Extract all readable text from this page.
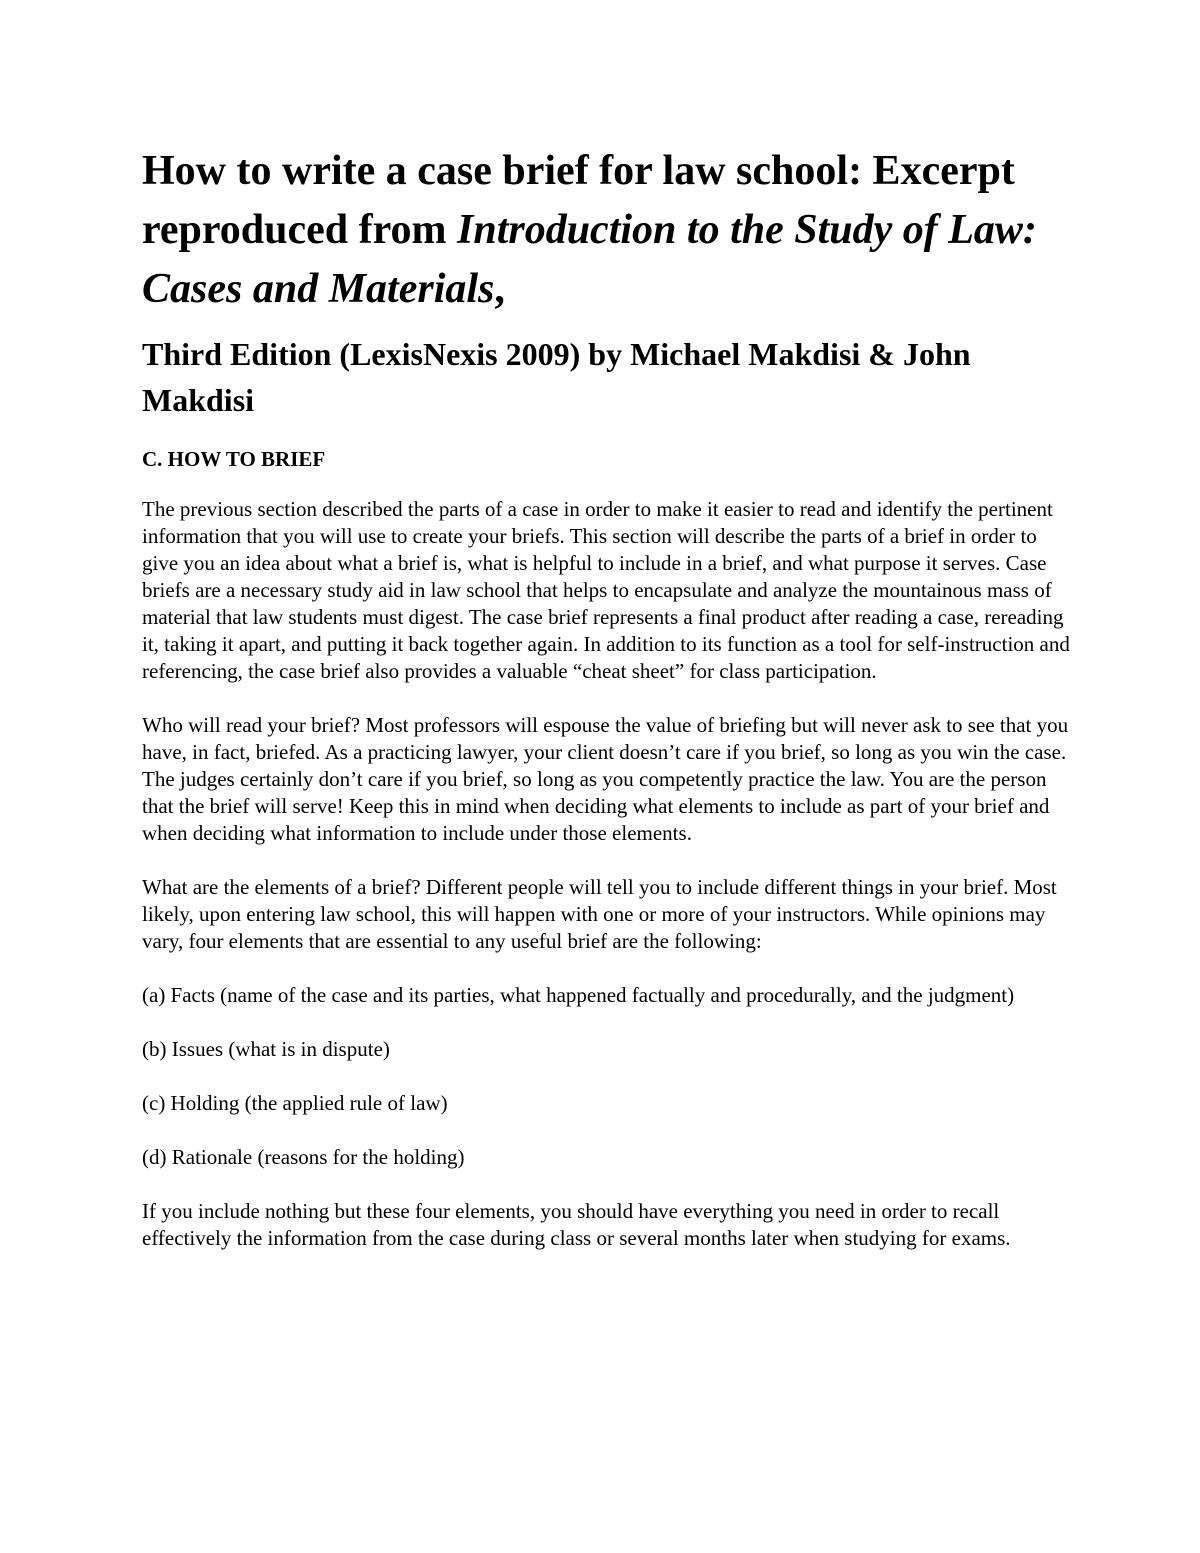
How to write a case brief for law school: Excerpt reproduced from Introduction to the Study of Law: Cases and Materials,
Third Edition (LexisNexis 2009) by Michael Makdisi & John Makdisi
C. HOW TO BRIEF

The previous section described the parts of a case in order to make it easier to read and identify the pertinent information that you will use to create your briefs. This section will describe the parts of a brief in order to give you an idea about what a brief is, what is helpful to include in a brief, and what purpose it serves. Case briefs are a necessary study aid in law school that helps to encapsulate and analyze the mountainous mass of material that law students must digest. The case brief represents a final product after reading a case, rereading it, taking it apart, and putting it back together again. In addition to its function as a tool for self-instruction and referencing, the case brief also provides a valuable “cheat sheet” for class participation.

Who will read your brief? Most professors will espouse the value of briefing but will never ask to see that you have, in fact, briefed. As a practicing lawyer, your client doesn’t care if you brief, so long as you win the case. The judges certainly don’t care if you brief, so long as you competently practice the law. You are the person that the brief will serve! Keep this in mind when deciding what elements to include as part of your brief and when deciding what information to include under those elements.

What are the elements of a brief? Different people will tell you to include different things in your brief. Most likely, upon entering law school, this will happen with one or more of your instructors. While opinions may vary, four elements that are essential to any useful brief are the following:

(a) Facts (name of the case and its parties, what happened factually and procedurally, and the judgment)

(b) Issues (what is in dispute)

(c) Holding (the applied rule of law)

(d) Rationale (reasons for the holding)

If you include nothing but these four elements, you should have everything you need in order to recall effectively the information from the case during class or several months later when studying for exams.
